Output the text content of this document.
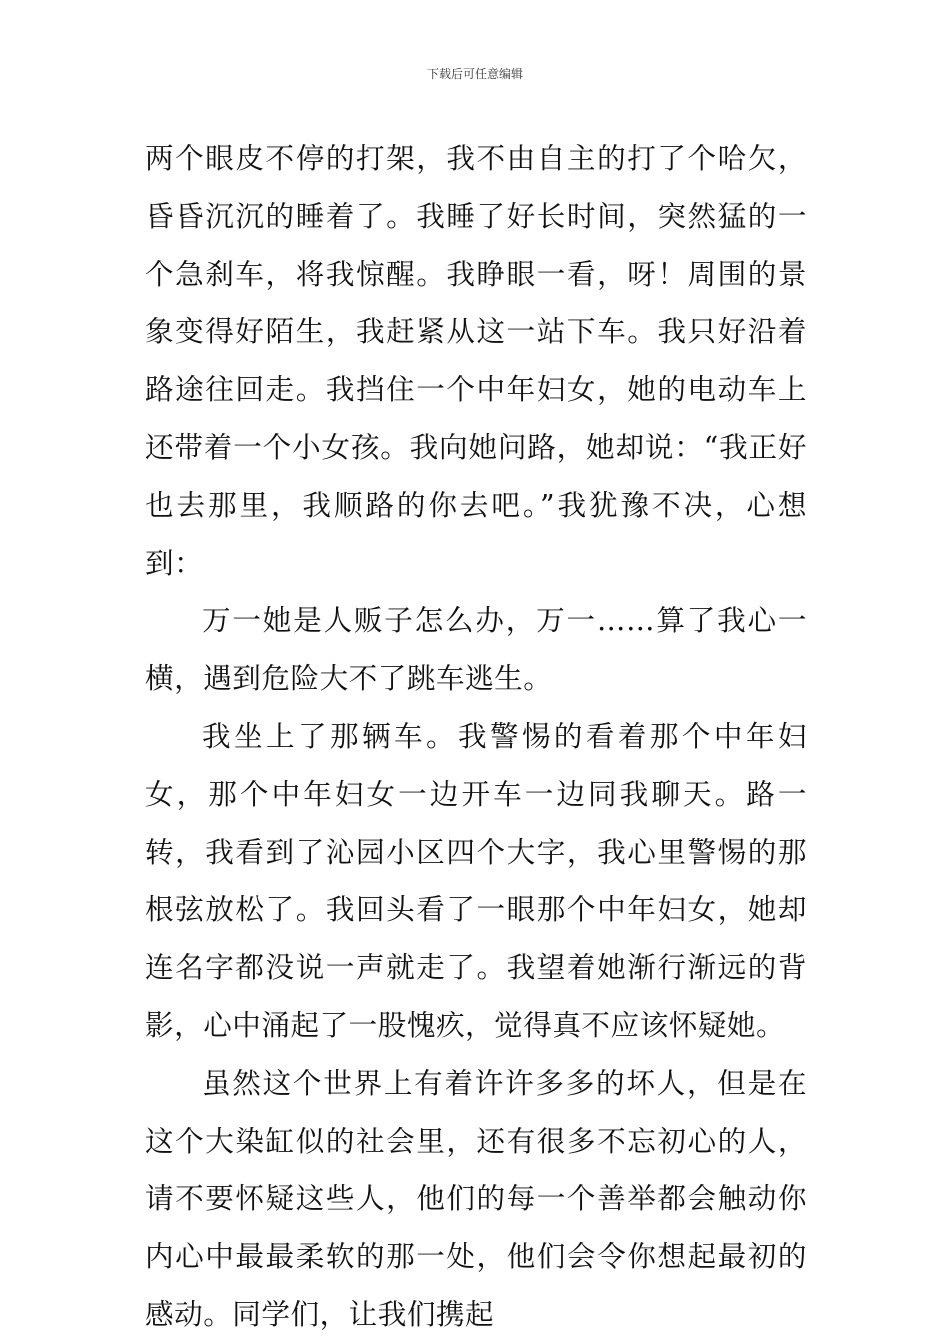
下载后可任意编辑

两个眼皮不停的打架，我不由自主的打了个哈欠，昏昏沉沉的睡着了。我睡了好长时间，突然猛的一个急刹车，将我惊醒。我睁眼一看，呀！周围的景象变得好陌生，我赶紧从这一站下车。我只好沿着路途往回走。我挡住一个中年妇女，她的电动车上还带着一个小女孩。我向她问路，她却说：“我正好也去那里，我顺路的你去吧。”我犹豫不决，心想到：

万一她是人贩子怎么办，万一……算了我心一横，遇到危险大不了跳车逃生。

我坐上了那辆车。我警惕的看着那个中年妇女，那个中年妇女一边开车一边同我聊天。路一转，我看到了沁园小区四个大字，我心里警惕的那根弦放松了。我回头看了一眼那个中年妇女，她却连名字都没说一声就走了。我望着她渐行渐远的背影，心中涌起了一股愧疚，觉得真不应该怀疑她。

虽然这个世界上有着许许多多的坏人，但是在这个大染缸似的社会里，还有很多不忘初心的人，请不要怀疑这些人，他们的每一个善举都会触动你内心中最最柔软的那一处，他们会令你想起最初的感动。同学们，让我们携起
